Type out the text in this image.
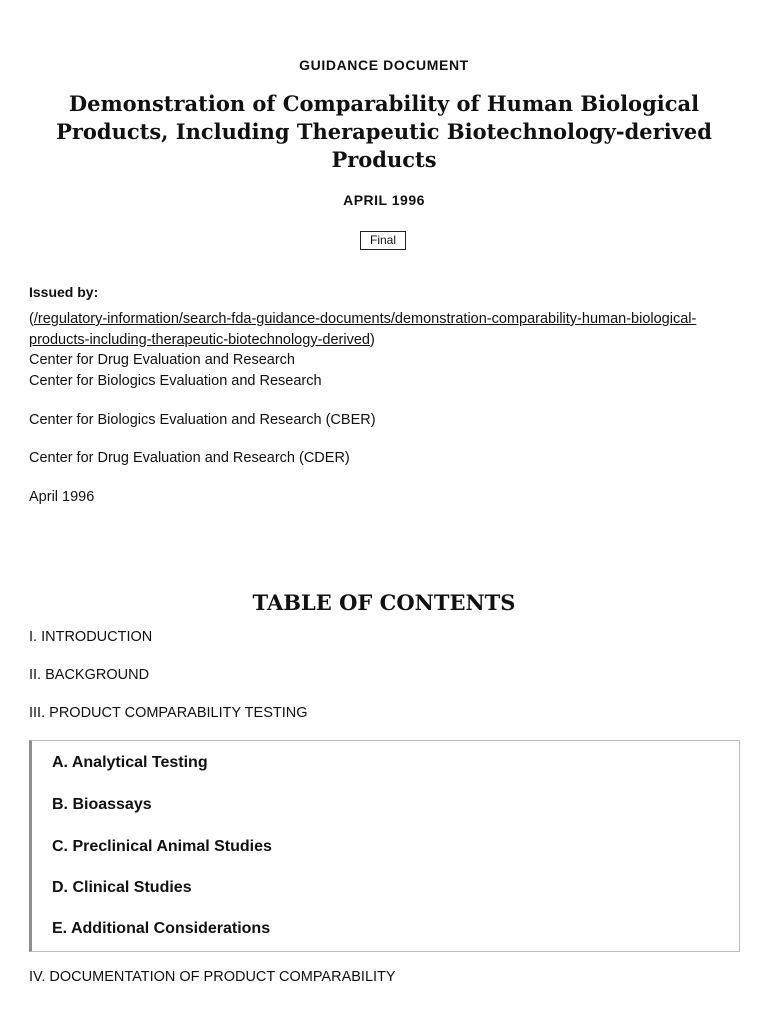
GUIDANCE DOCUMENT
Demonstration of Comparability of Human Biological Products, Including Therapeutic Biotechnology-derived Products
APRIL 1996
Final
Issued by:
(/regulatory-information/search-fda-guidance-documents/demonstration-comparability-human-biological-products-including-therapeutic-biotechnology-derived)
Center for Drug Evaluation and Research
Center for Biologics Evaluation and Research
Center for Biologics Evaluation and Research (CBER)
Center for Drug Evaluation and Research (CDER)
April 1996
TABLE OF CONTENTS
I. INTRODUCTION
II. BACKGROUND
III. PRODUCT COMPARABILITY TESTING
A. Analytical Testing
B. Bioassays
C. Preclinical Animal Studies
D. Clinical Studies
E. Additional Considerations
IV. DOCUMENTATION OF PRODUCT COMPARABILITY
